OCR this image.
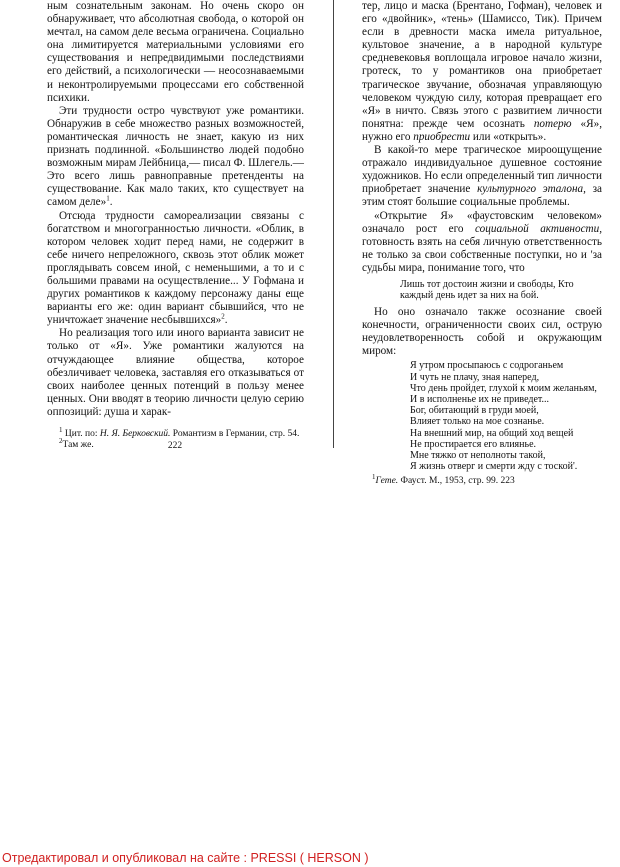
ным сознательным законам. Но очень скоро он обнаруживает, что абсолютная свобода, о которой он мечтал, на самом деле весьма ограничена. Социально она лимитируется материальными условиями его существования и непредвидимыми последствиями его действий, а психологически — неосознаваемыми и неконтролируемыми процессами его собственной психики.

Эти трудности остро чувствуют уже романтики. Обнаружив в себе множество разных возможностей, романтическая личность не знает, какую из них признать подлинной. «Большинство людей подобно возможным мирам Лейбница,— писал Ф. Шлегель.— Это всего лишь равноправные претенденты на существование. Как мало таких, кто существует на самом деле»$^1$.

Отсюда трудности самореализации связаны с богатством и многогранностью личности. «Облик, в котором человек ходит перед нами, не содержит в себе ничего непреложного, сквозь этот облик может проглядывать совсем иной, с неменьшими, а то и с большими правами на осуществление... У Гофмана и других романтиков к каждому персонажу даны еще варианты его же: один вариант сбывшийся, что не уничтожает значение несбывшихся»$^2$.

Но реализация того или иного варианта зависит не только от «Я». Уже романтики жалуются на отчуждающее влияние общества, которое обезличивает человека, заставляя его отказываться от своих наиболее ценных потенций в пользу менее ценных. Они вводят в теорию личности целую серию оппозиций: душа и харак-

$^1$ Цит. по: Н. Я. Берковский. Романтизм в Германии, стр. 54.

$^2$Там же.	222

тер, лицо и маска (Брентано, Гофман), человек и его «двойник», «тень» (Шамиссо, Тик). Причем если в древности маска имела ритуальное, культовое значение, а в народной культуре средневековья воплощала игровое начало жизни, гротеск, то у романтиков она приобретает трагическое звучание, обозначая управляющую человеком чуждую силу, которая превращает его «Я» в ничто. Связь этого с развитием личности понятна: прежде чем осознать потерю «Я», нужно его приобрести или «открыть».

В какой-то мере трагическое мироощущение отражало индивидуальное душевное состояние художников. Но если определенный тип личности приобретает значение культурного эталона, за этим стоят большие социальные проблемы.

«Открытие Я» «фаустовским человеком» означало рост его социальной активности, готовность взять на себя личную ответственность не только за свои собственные поступки, но и 'за судьбы мира, понимание того, что

Лишь тот достоин жизни и свободы, Кто
каждый день идет за них на бой.

Но оно означало также осознание своей конечности, ограниченности своих сил, острую неудовлетворенность собой и окружающим миром:

Я утром просыпаюсь с содроганьем
И чуть не плачу, зная наперед,
Что день пройдет, глухой к моим желаньям,
И в исполненье их не приведет...
Бог, обитающий в груди моей,
Влияет только на мое сознанье.
На внешний мир, на общий ход вещей
Не простирается его влиянье.
Мне тяжко от неполноты такой,
Я жизнь отверг и смерти жду с тоской'.

$^1$Гете. Фауст. М., 1953, стр. 99. 223

Отредактировал и опубликовал на сайте : PRESSI ( HERSON )
